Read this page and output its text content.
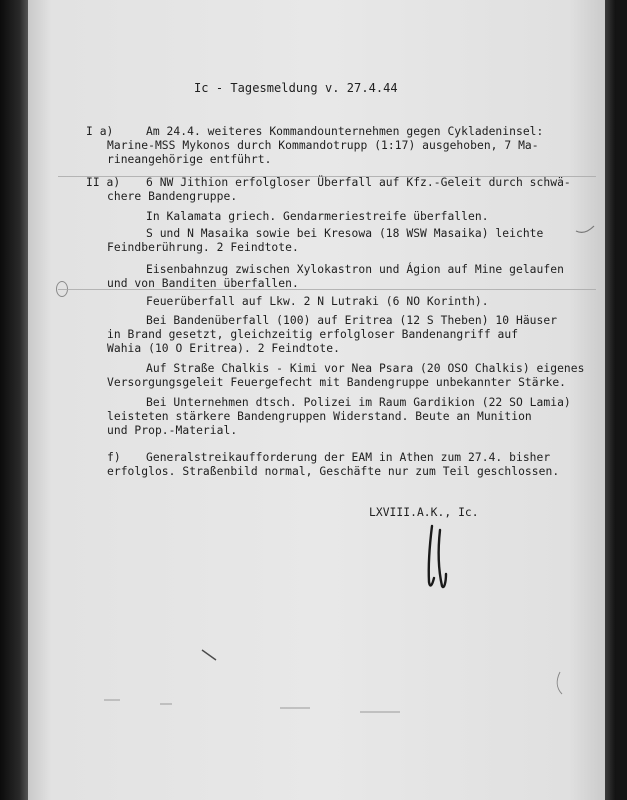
Ic - Tagesmeldung v. 27.4.44
I a)	Am 24.4. weiteres Kommandounternehmen gegen Cykladeninsel:
Marine-MSS Mykonos durch Kommandotrupp (1:17) ausgehoben, 7 Ma-
rineangehörige entführt.
II a) 6 NW Jithion erfolgloser Überfall auf Kfz.-Geleit durch schwä-
chere Bandengruppe.
In Kalamata griech. Gendarmeriestreife überfallen.
S und N Masaika sowie bei Kresowa (18 WSW Masaika) leichte
Feindberührung. 2 Feindtote.
Eisenbahnzug zwischen Xylokastron und Ágion auf Mine gelaufen
und von Banditen überfallen.
Feuerüberfall auf Lkw. 2 N Lutraki (6 NO Korinth).
Bei Bandenüberfall (100) auf Eritrea (12 S Theben) 10 Häuser
in Brand gesetzt, gleichzeitig erfolgloser Bandenangriff auf
Wahia (10 O Eritrea). 2 Feindtote.
Auf Straße Chalkis - Kimi vor Nea Psara (20 OSO Chalkis) eigenes
Versorgungsgeleit Feuergefecht mit Bandengruppe unbekannter Stärke.
Bei Unternehmen dtsch. Polizei im Raum Gardikion (22 SO Lamia)
leisteten stärkere Bandengruppen Widerstand. Beute an Munition
und Prop.-Material.
f) Generalstreikaufforderung der EAM in Athen zum 27.4. bisher
erfolglos. Straßenbild normal, Geschäfte nur zum Teil geschlossen.
LXVIII.A.K., Ic.
